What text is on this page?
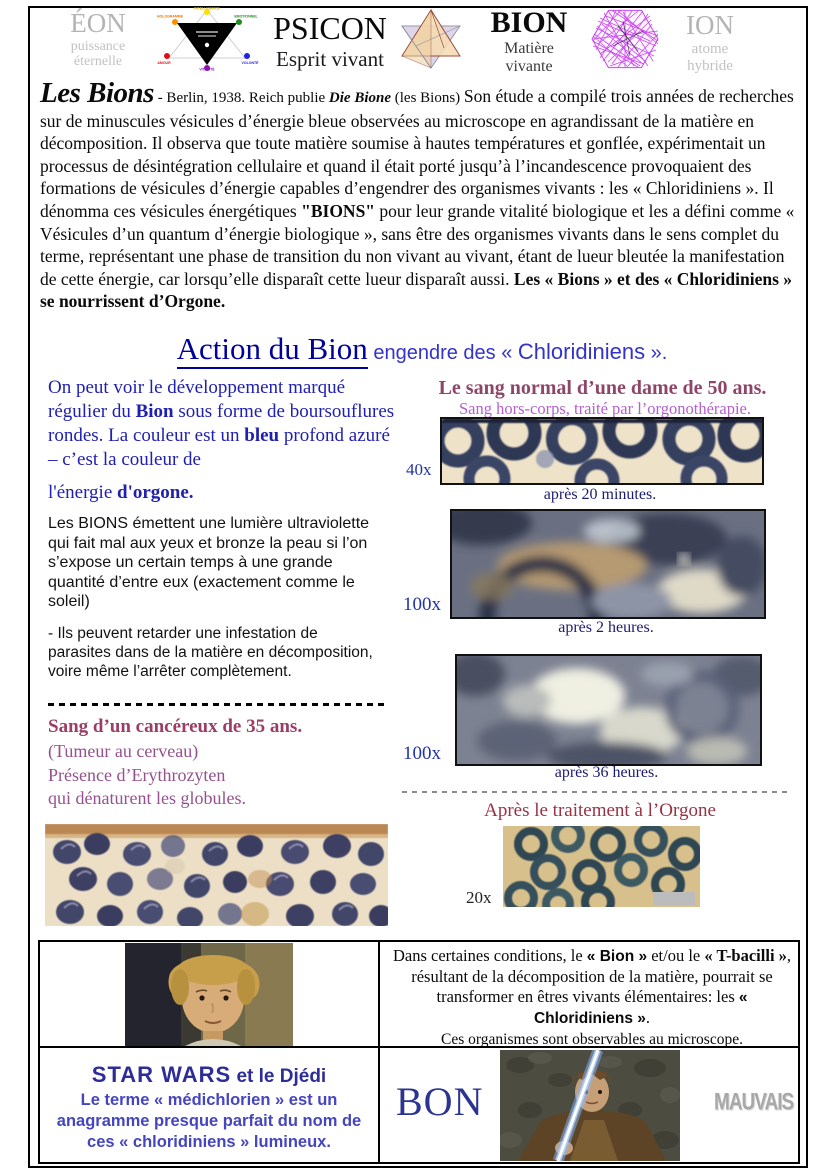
ÉON
puissance
éternelle
INTELLIGENCE
HOLOGRAMME	EMOTIONNEL
AMOUR	VOLONTÉ
VITALITÉ
PSICON
Esprit vivant
BION
Matière
vivante
ION
atome
hybride
Les Bions - Berlin, 1938. Reich publie Die Bione (les Bions) Son étude a compilé trois années de recherches sur de minuscules vésicules d’énergie bleue observées au microscope en agrandissant de la matière en décomposition. Il observa que toute matière soumise à hautes températures et gonflée, expérimentait un processus de désintégration cellulaire et quand il était porté jusqu’à l’incandescence provoquaient des formations de vésicules d’énergie capables d’engendrer des organismes vivants : les « Chloridiniens ». Il dénomma ces vésicules énergétiques "BIONS" pour leur grande vitalité biologique et les a défini comme « Vésicules d’un quantum d’énergie biologique », sans être des organismes vivants dans le sens complet du terme, représentant une phase de transition du non vivant au vivant, étant de lueur bleutée la manifestation de cette énergie, car lorsqu’elle disparaît cette lueur disparaît aussi. Les « Bions » et des « Chloridiniens » se nourrissent d’Orgone.
Action du Bion engendre des « Chloridiniens ».
On peut voir le développement marqué régulier du Bion sous forme de boursouflures rondes. La couleur est un bleu profond azuré – c’est la couleur de
l'énergie d'orgone.
Les BIONS émettent une lumière ultraviolette qui fait mal aux yeux et bronze la peau si l’on s’expose un certain temps à une grande quantité d’entre eux (exactement comme le soleil)
- Ils peuvent retarder une infestation de parasites dans de la matière en décomposition, voire même l’arrêter complètement.
Sang d’un cancéreux de 35 ans.
(Tumeur au cerveau)
Présence d’Erythrozyten
qui dénaturent les globules.
Le sang normal d’une dame de 50 ans.
Sang hors-corps, traité par l’orgonothérapie.
40x
après 20 minutes.
100x
après 2 heures.
100x
après 36 heures.
Après le traitement à l’Orgone
20x
Dans certaines conditions, le « Bion » et/ou le « T-bacilli », résultant de la décomposition de la matière, pourrait se transformer en êtres vivants élémentaires: les « Chloridiniens ».
Ces organismes sont observables au microscope.
STAR WARS et le Djédi
Le terme « médichlorien » est un anagramme presque parfait du nom de ces « chloridiniens » lumineux.
BON	MAUVAIS
